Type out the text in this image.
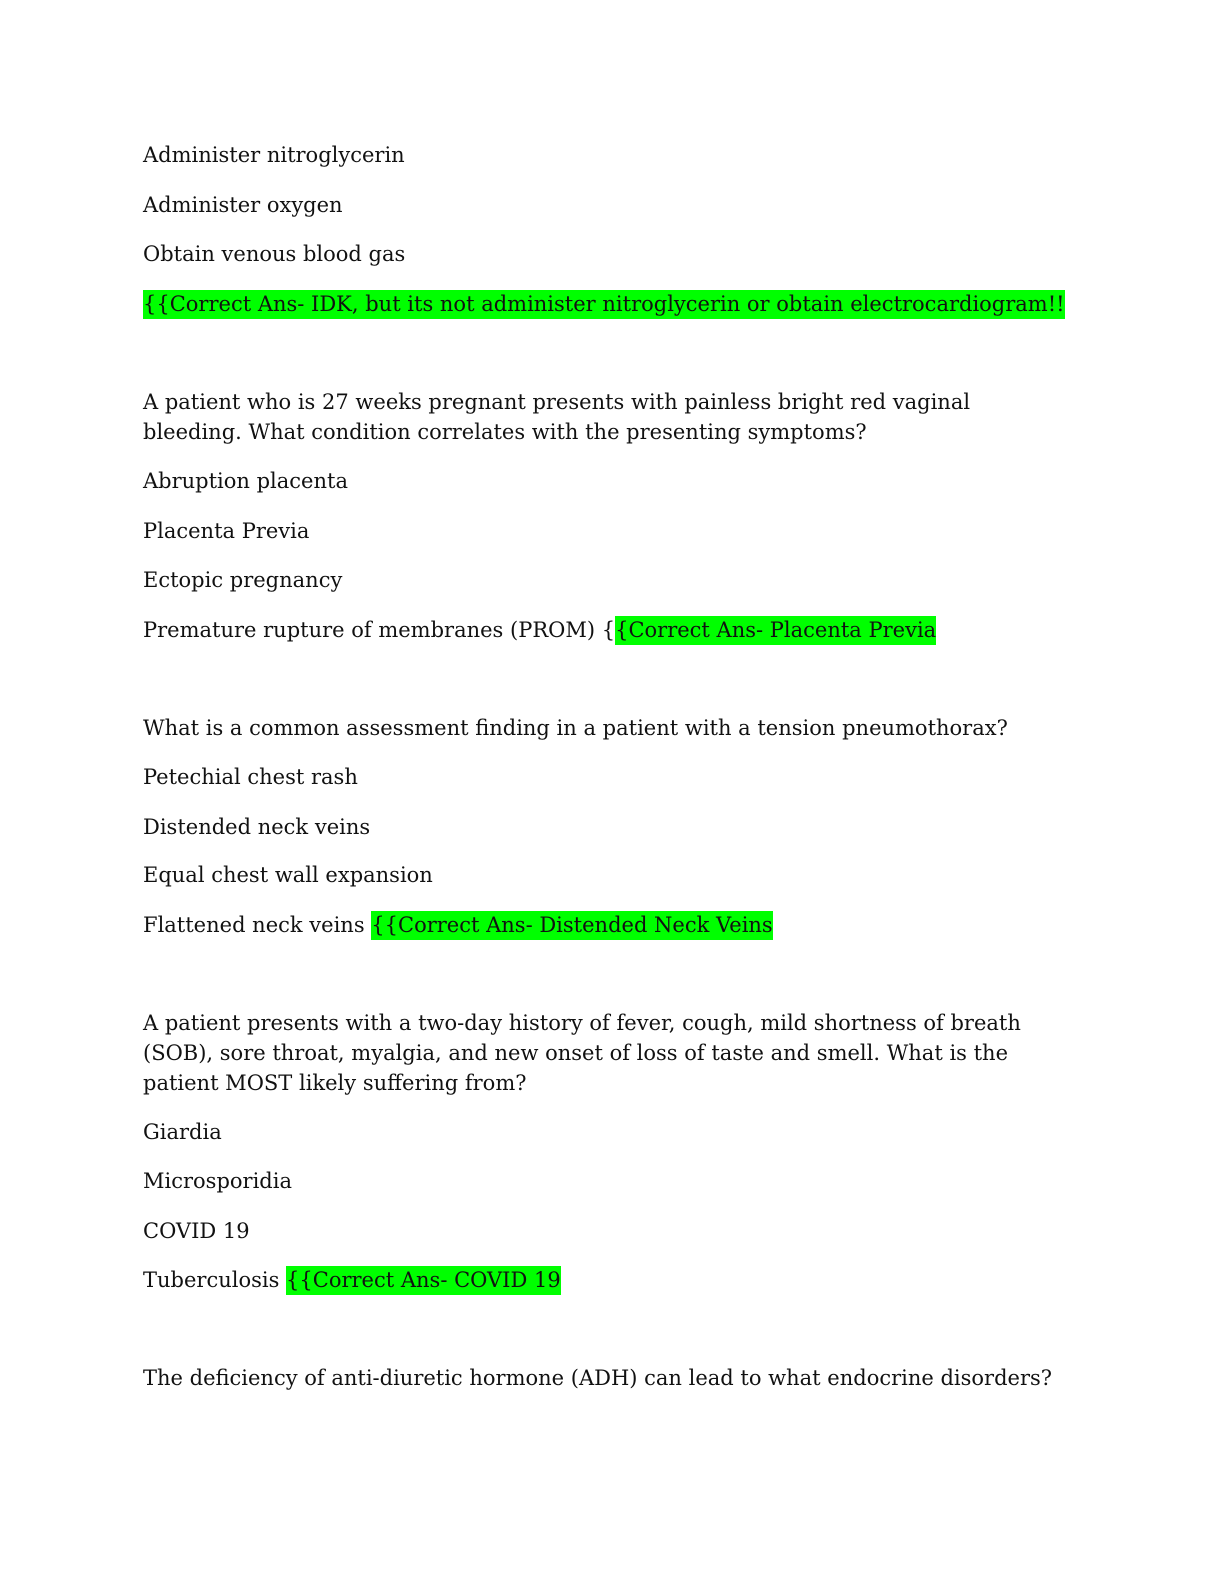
Administer nitroglycerin
Administer oxygen
Obtain venous blood gas
{{Correct Ans- IDK, but its not administer nitroglycerin or obtain electrocardiogram!!
A patient who is 27 weeks pregnant presents with painless bright red vaginal bleeding. What condition correlates with the presenting symptoms?
Abruption placenta
Placenta Previa
Ectopic pregnancy
Premature rupture of membranes (PROM) {{Correct Ans- Placenta Previa
What is a common assessment finding in a patient with a tension pneumothorax?
Petechial chest rash
Distended neck veins
Equal chest wall expansion
Flattened neck veins {{Correct Ans- Distended Neck Veins
A patient presents with a two-day history of fever, cough, mild shortness of breath (SOB), sore throat, myalgia, and new onset of loss of taste and smell. What is the patient MOST likely suffering from?
Giardia
Microsporidia
COVID 19
Tuberculosis {{Correct Ans- COVID 19
The deficiency of anti-diuretic hormone (ADH) can lead to what endocrine disorders?
